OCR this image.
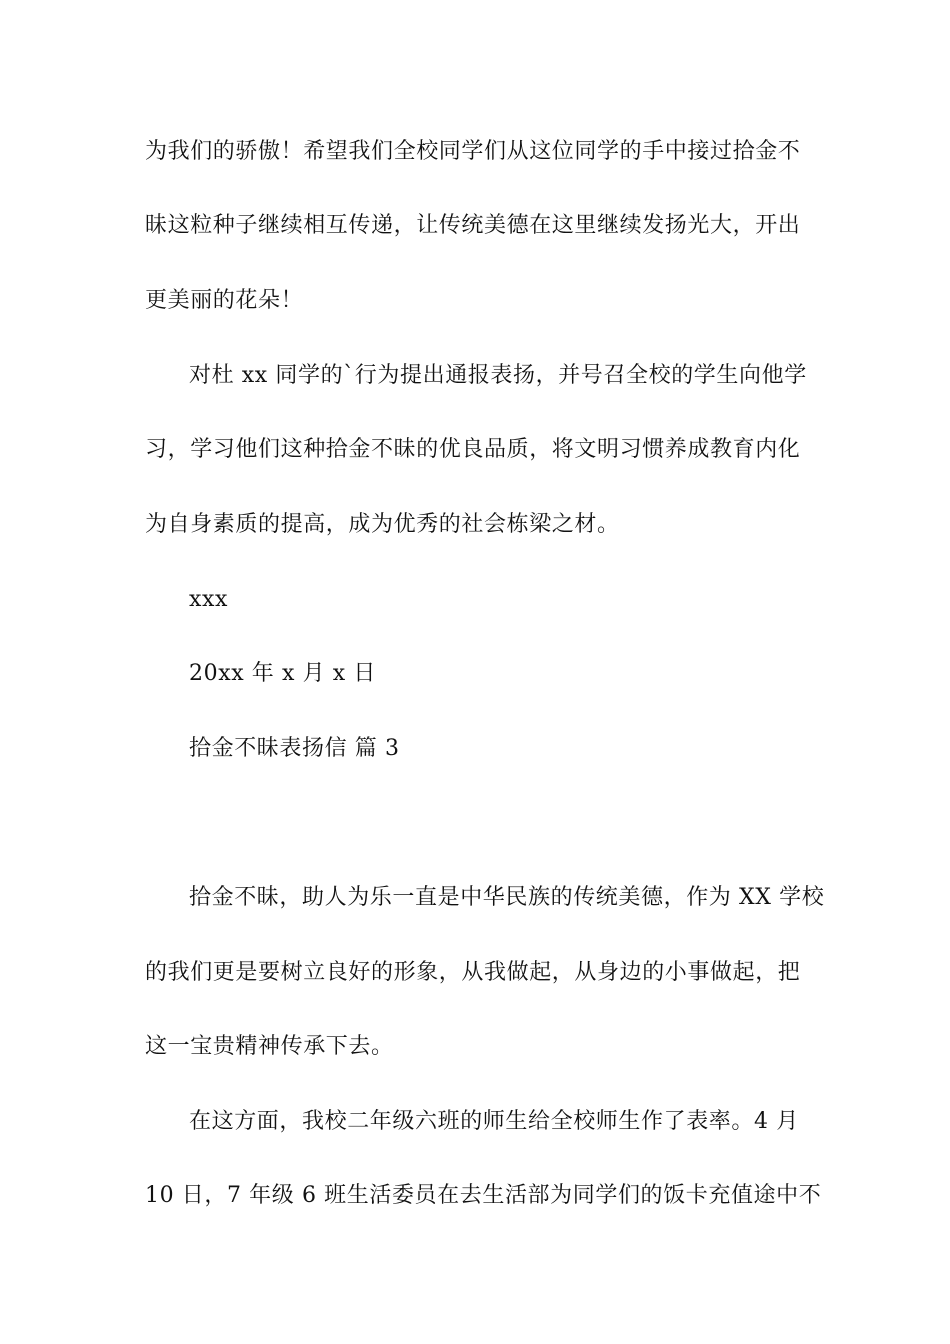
为我们的骄傲！希望我们全校同学们从这位同学的手中接过拾金不
昧这粒种子继续相互传递，让传统美德在这里继续发扬光大，开出
更美丽的花朵！
对杜 xx 同学的`行为提出通报表扬，并号召全校的学生向他学
习，学习他们这种拾金不昧的优良品质，将文明习惯养成教育内化
为自身素质的提高，成为优秀的社会栋梁之材。
xxx
20xx 年 x 月 x 日
拾金不昧表扬信 篇 3
拾金不昧，助人为乐一直是中华民族的传统美德，作为 XX 学校
的我们更是要树立良好的形象，从我做起，从身边的小事做起，把
这一宝贵精神传承下去。
在这方面，我校二年级六班的师生给全校师生作了表率。4 月
10 日，7 年级 6 班生活委员在去生活部为同学们的饭卡充值途中不
